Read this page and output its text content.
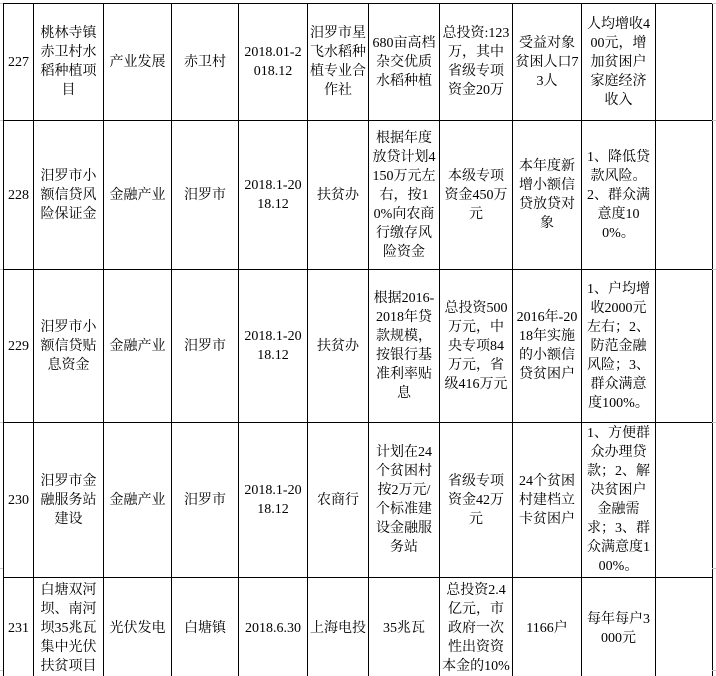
227	桃林寺镇赤卫村水稻种植项目	产业发展	赤卫村	2018.01-2018.12	汨罗市星飞水稻种植专业合作社	680亩高档杂交优质水稻种植	总投资:123万，其中省级专项资金20万	受益对象贫困人口73人	人均增收400元，增加贫困户家庭经济收入	
228	汨罗市小额信贷风险保证金	金融产业	汨罗市	2018.1-2018.12	扶贫办	根据年度放贷计划4150万元左右，按10%向农商行缴存风险资金	本级专项资金450万元	本年度新增小额信贷放贷对象	1、降低贷款风险。2、群众满意度100%。	
229	汨罗市小额信贷贴息资金	金融产业	汨罗市	2018.1-2018.12	扶贫办	根据2016-2018年贷款规模，按银行基准利率贴息	总投资500万元，中央专项84万元，省级416万元	2016年-2018年实施的小额信贷贫困户	1、户均增收2000元左右；2、防范金融风险；3、群众满意度100%。	
230	汨罗市金融服务站建设	金融产业	汨罗市	2018.1-2018.12	农商行	计划在24个贫困村按2万元/个标准建设金融服务站	省级专项资金42万元	24个贫困村建档立卡贫困户	1、方便群众办理贷款；2、解决贫困户金融需求；3、群众满意度100%。	
231	白塘双河坝、南河坝35兆瓦集中光伏扶贫项目	光伏发电	白塘镇	2018.6.30	上海电投	35兆瓦	总投资2.4亿元，市政府一次性出资资本金的10%	1166户	每年每户3000元	
